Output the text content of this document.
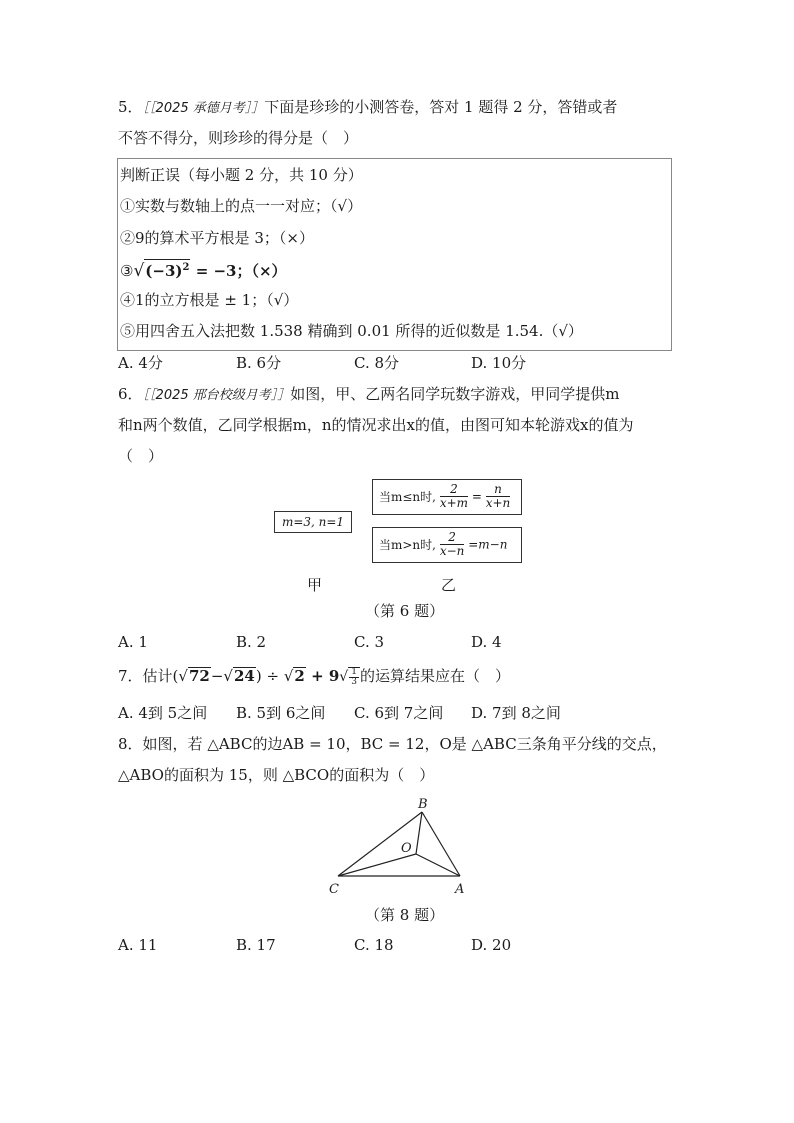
5．［［2025 承德月考］］下面是珍珍的小测答卷，答对 1 题得 2 分，答错或者
不答不得分，则珍珍的得分是（　）
判断正误（每小题 2 分，共 10 分）
①实数与数轴上的点一一对应；（√）
②9的算术平方根是 3；（×）
$③√(-3)^2 = -3$；（×）
④1的立方根是 ± 1；（√）
⑤用四舍五入法把数 1.538 精确到 0.01 所得的近似数是 1.54.（√）
A. 4分	B. 6分	C. 8分	D. 10分
6．［［2025 邢台校级月考］］如图，甲、乙两名同学玩数字游戏，甲同学提供m
和n两个数值，乙同学根据m，n的情况求出x的值，由图可知本轮游戏x的值为
（　）
m=3, n=1
当m≤n时, $\frac{2}{x+m} = \frac{n}{x+n}$
当m>n时, $\frac{2}{x-n} =m-n$
甲	乙
（第 6 题）
A. 1	B. 2	C. 3	D. 4
7．估计$(√72-√24) \div √2 + 9√ \frac{1}{3}$ 的运算结果应在（　）
A. 4到 5之间 B. 5到 6之间 C. 6到 7之间 D. 7到 8之间
8．如图，若 △ABC的边AB = 10，BC = 12，O是 △ABC三条角平分线的交点，
△ABO的面积为 15，则 △BCO的面积为（　）
B
O
C	A
（第 8 题）
A. 11	B. 17	C. 18	D. 20
